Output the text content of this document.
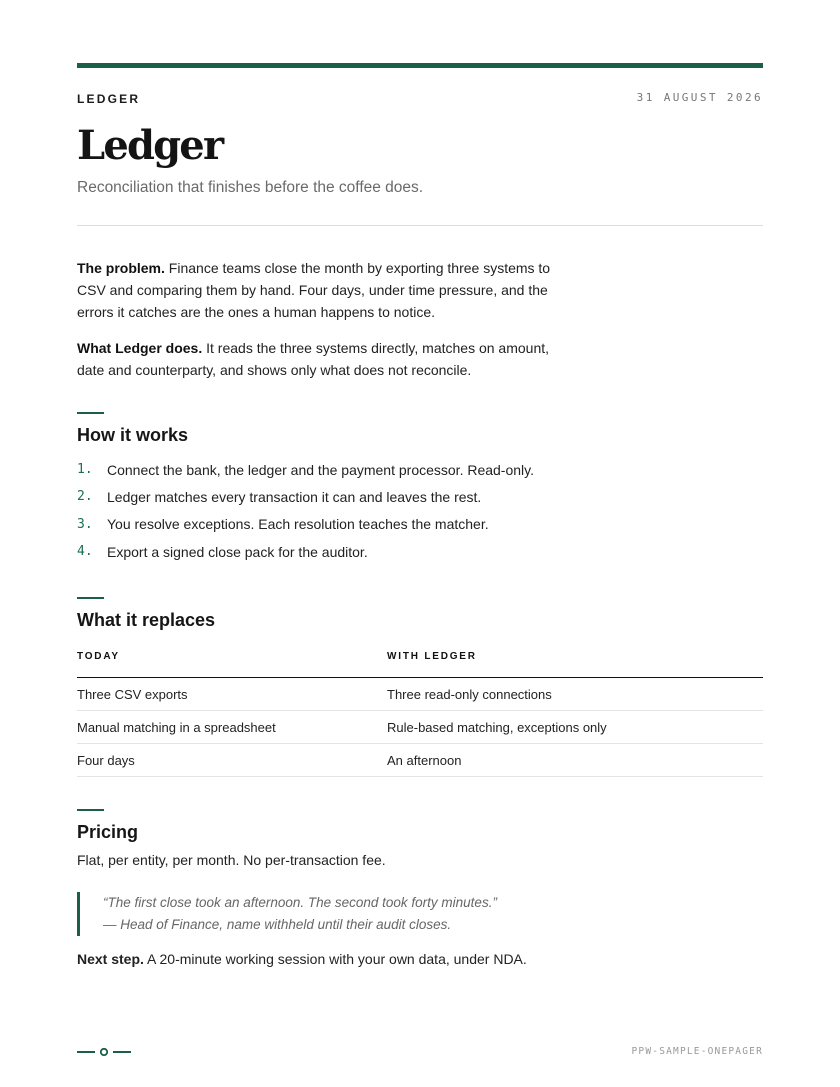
LEDGER	31 AUGUST 2026
Ledger
Reconciliation that finishes before the coffee does.

The problem. Finance teams close the month by exporting three systems to CSV and comparing them by hand. Four days, under time pressure, and the errors it catches are the ones a human happens to notice.

What Ledger does. It reads the three systems directly, matches on amount, date and counterparty, and shows only what does not reconcile.

How it works
1.	Connect the bank, the ledger and the payment processor. Read-only.
2.	Ledger matches every transaction it can and leaves the rest.
3.	You resolve exceptions. Each resolution teaches the matcher.
4.	Export a signed close pack for the auditor.
What it replaces
TODAY	WITH LEDGER
Three CSV exports	Three read-only connections
Manual matching in a spreadsheet	Rule-based matching, exceptions only
Four days	An afternoon
Pricing
Flat, per entity, per month. No per-transaction fee.
“The first close took an afternoon. The second took forty minutes.”
— Head of Finance, name withheld until their audit closes.
Next step. A 20-minute working session with your own data, under NDA.
PPW-SAMPLE-ONEPAGER
